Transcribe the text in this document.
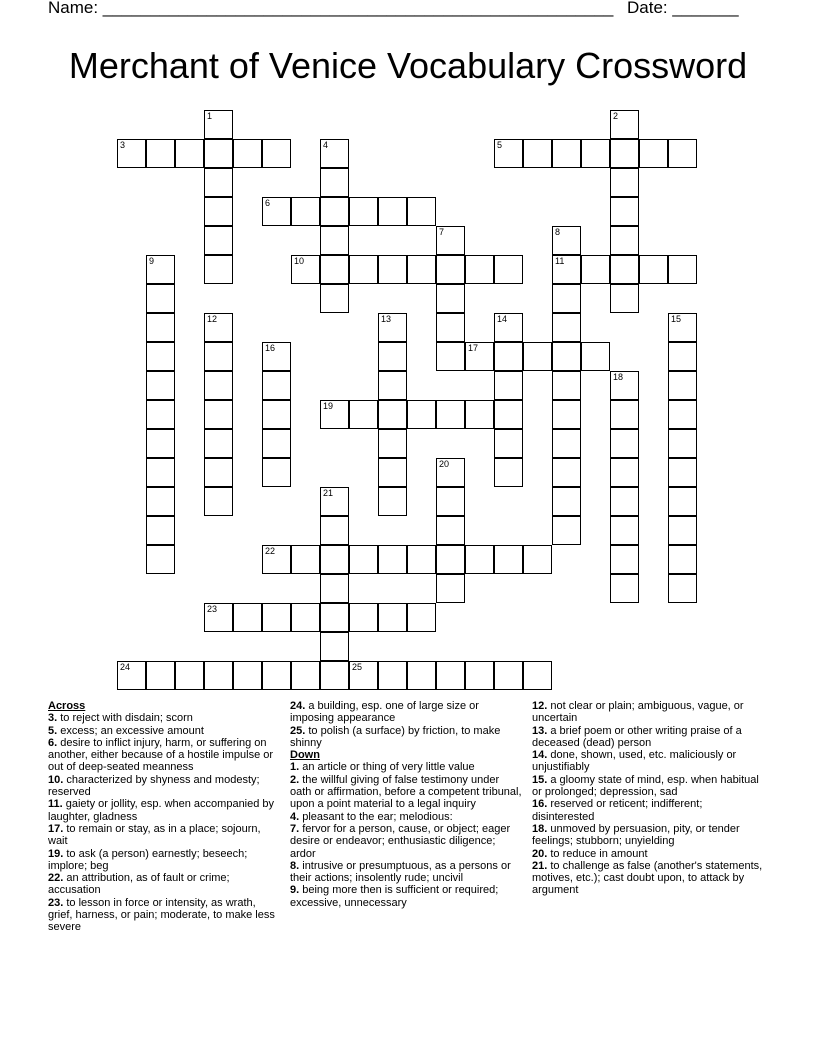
Name: ______________________________________________________ Date: _______
Merchant of Venice Vocabulary Crossword
1	2
3	4	5
6
7	8
11
9	10
12	13	14	15
16	17
18
19
20
21
22
23
24	25
Across
3. to reject with disdain; scorn
5. excess; an excessive amount
6. desire to inflict injury, harm, or suffering on another, either because of a hostile impulse or out of deep-seated meanness
10. characterized by shyness and modesty; reserved
11. gaiety or jollity, esp. when accompanied by laughter, gladness
17. to remain or stay, as in a place; sojourn, wait
19. to ask (a person) earnestly; beseech; implore; beg
22. an attribution, as of fault or crime; accusation
23. to lesson in force or intensity, as wrath, grief, harness, or pain; moderate, to make less severe
24. a building, esp. one of large size or imposing appearance
25. to polish (a surface) by friction, to make shinny
Down
1. an article or thing of very little value
2. the willful giving of false testimony under oath or affirmation, before a competent tribunal, upon a point material to a legal inquiry
4. pleasant to the ear; melodious:
7. fervor for a person, cause, or object; eager desire or endeavor; enthusiastic diligence; ardor
8. intrusive or presumptuous, as a persons or their actions; insolently rude; uncivil
9. being more then is sufficient or required; excessive, unnecessary
12. not clear or plain; ambiguous, vague, or uncertain
13. a brief poem or other writing praise of a deceased (dead) person
14. done, shown, used, etc. maliciously or unjustifiably
15. a gloomy state of mind, esp. when habitual or prolonged; depression, sad
16. reserved or reticent; indifferent; disinterested
18. unmoved by persuasion, pity, or tender feelings; stubborn; unyielding
20. to reduce in amount
21. to challenge as false (another's statements, motives, etc.); cast doubt upon, to attack by argument
